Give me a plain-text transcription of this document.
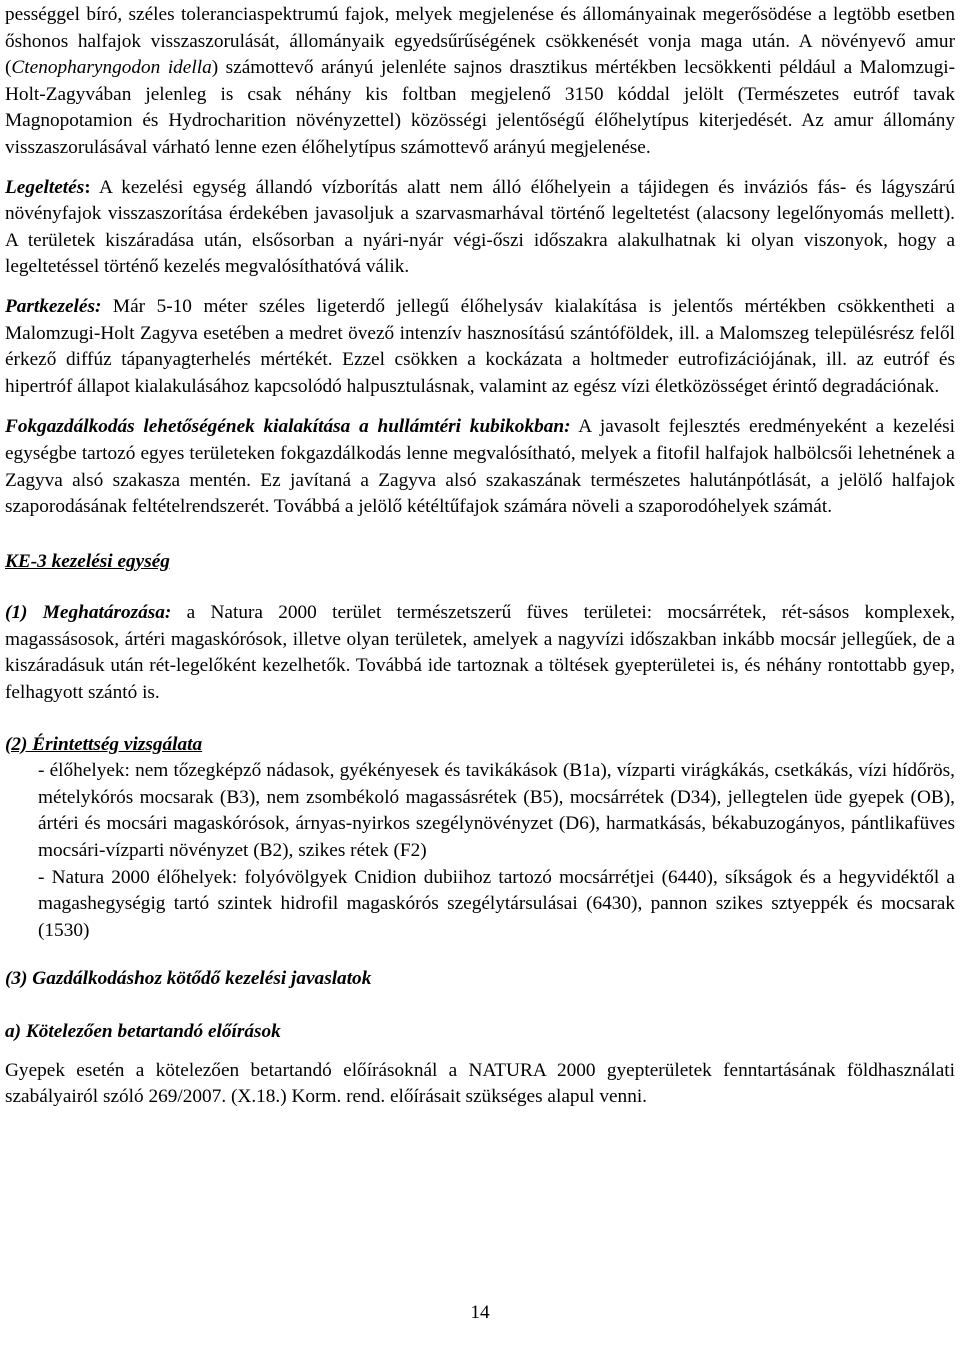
pességgel bíró, széles toleranciaspektrumú fajok, melyek megjelenése és állományainak megerősödése a legtöbb esetben őshonos halfajok visszaszorulását, állományaik egyedsűrűségének csökkenését vonja maga után. A növényevő amur (Ctenopharyngodon idella) számottevő arányú jelenléte sajnos drasztikus mértékben lecsökkenti például a Malomzugi-Holt-Zagyvában jelenleg is csak néhány kis foltban megjelenő 3150 kóddal jelölt (Természetes eutróf tavak Magnopotamion és Hydrocharition növényzettel) közösségi jelentőségű élőhelytípus kiterjedését. Az amur állomány visszaszorulásával várható lenne ezen élőhelytípus számottevő arányú megjelenése.

Legeltetés: A kezelési egység állandó vízborítás alatt nem álló élőhelyein a tájidegen és inváziós fás- és lágyszárú növényfajok visszaszorítása érdekében javasoljuk a szarvasmarhával történő legeltetést (alacsony legelőnyomás mellett). A területek kiszáradása után, elsősorban a nyári-nyár végi-őszi időszakra alakulhatnak ki olyan viszonyok, hogy a legeltetéssel történő kezelés megvalósíthatóvá válik.

Partkezelés: Már 5-10 méter széles ligeterdő jellegű élőhelysáv kialakítása is jelentős mértékben csökkentheti a Malomzugi-Holt Zagyva esetében a medret övező intenzív hasznosítású szántóföldek, ill. a Malomszeg településrész felől érkező diffúz tápanyagterhelés mértékét. Ezzel csökken a kockázata a holtmeder eutrofizációjának, ill. az eutróf és hipertróf állapot kialakulásához kapcsolódó halpusztulásnak, valamint az egész vízi életközösséget érintő degradációnak.

Fokgazdálkodás lehetőségének kialakítása a hullámtéri kubikokban: A javasolt fejlesztés eredményeként a kezelési egységbe tartozó egyes területeken fokgazdálkodás lenne megvalósítható, melyek a fitofil halfajok halbölcsői lehetnének a Zagyva alsó szakasza mentén. Ez javítaná a Zagyva alsó szakaszának természetes halutánpótlását, a jelölő halfajok szaporodásának feltételrendszerét. Továbbá a jelölő kétéltűfajok számára növeli a szaporodóhelyek számát.

KE-3 kezelési egység

(1) Meghatározása: a Natura 2000 terület természetszerű füves területei: mocsárrétek, rét-sásos komplexek, magassásosok, ártéri magaskórósok, illetve olyan területek, amelyek a nagyvízi időszakban inkább mocsár jellegűek, de a kiszáradásuk után rét-legelőként kezelhetők. Továbbá ide tartoznak a töltések gyepterületei is, és néhány rontottabb gyep, felhagyott szántó is.

(2) Érintettség vizsgálata

- élőhelyek: nem tőzegképző nádasok, gyékényesek és tavikákások (B1a), vízparti virágkákás, csetkákás, vízi hídőrös, mételykórós mocsarak (B3), nem zsombékoló magassásrétek (B5), mocsárrétek (D34), jellegtelen üde gyepek (OB), ártéri és mocsári magaskórósok, árnyas-nyirkos szegélynövényzet (D6), harmatkásás, békabuzogányos, pántlikafüves mocsári-vízparti növényzet (B2), szikes rétek (F2)

- Natura 2000 élőhelyek: folyóvölgyek Cnidion dubiihoz tartozó mocsárrétjei (6440), síkságok és a hegyvidéktől a magashegységig tartó szintek hidrofil magaskórós szegélytársulásai (6430), pannon szikes sztyeppék és mocsarak (1530)

(3) Gazdálkodáshoz kötődő kezelési javaslatok

a) Kötelezően betartandó előírások

Gyepek esetén a kötelezően betartandó előírásoknál a NATURA 2000 gyepterületek fenntartásának földhasználati szabályairól szóló 269/2007. (X.18.) Korm. rend. előírásait szükséges alapul venni.

14
